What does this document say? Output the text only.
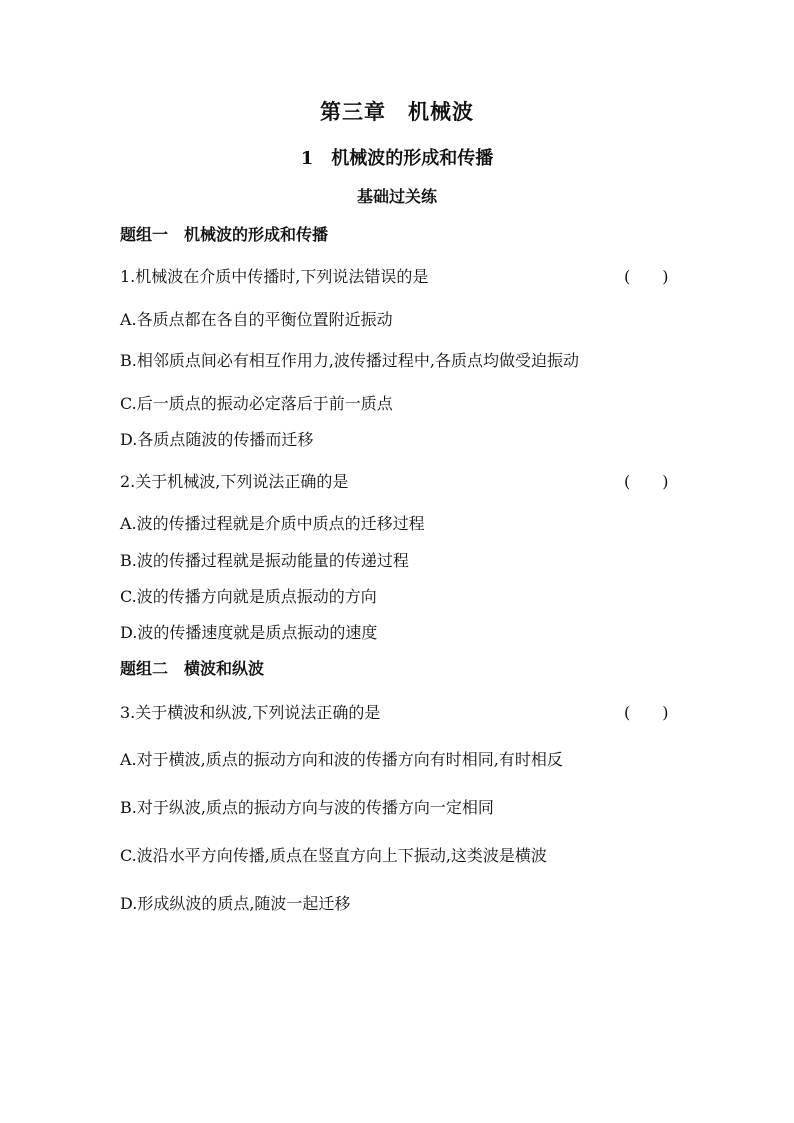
第三章　机械波
1　机械波的形成和传播
基础过关练
题组一　机械波的形成和传播
1.机械波在介质中传播时,下列说法错误的是	(　　)
A.各质点都在各自的平衡位置附近振动
B.相邻质点间必有相互作用力,波传播过程中,各质点均做受迫振动
C.后一质点的振动必定落后于前一质点
D.各质点随波的传播而迁移
2.关于机械波,下列说法正确的是	(　　)
A.波的传播过程就是介质中质点的迁移过程
B.波的传播过程就是振动能量的传递过程
C.波的传播方向就是质点振动的方向
D.波的传播速度就是质点振动的速度
题组二　横波和纵波
3.关于横波和纵波,下列说法正确的是	(　　)
A.对于横波,质点的振动方向和波的传播方向有时相同,有时相反
B.对于纵波,质点的振动方向与波的传播方向一定相同
C.波沿水平方向传播,质点在竖直方向上下振动,这类波是横波
D.形成纵波的质点,随波一起迁移
